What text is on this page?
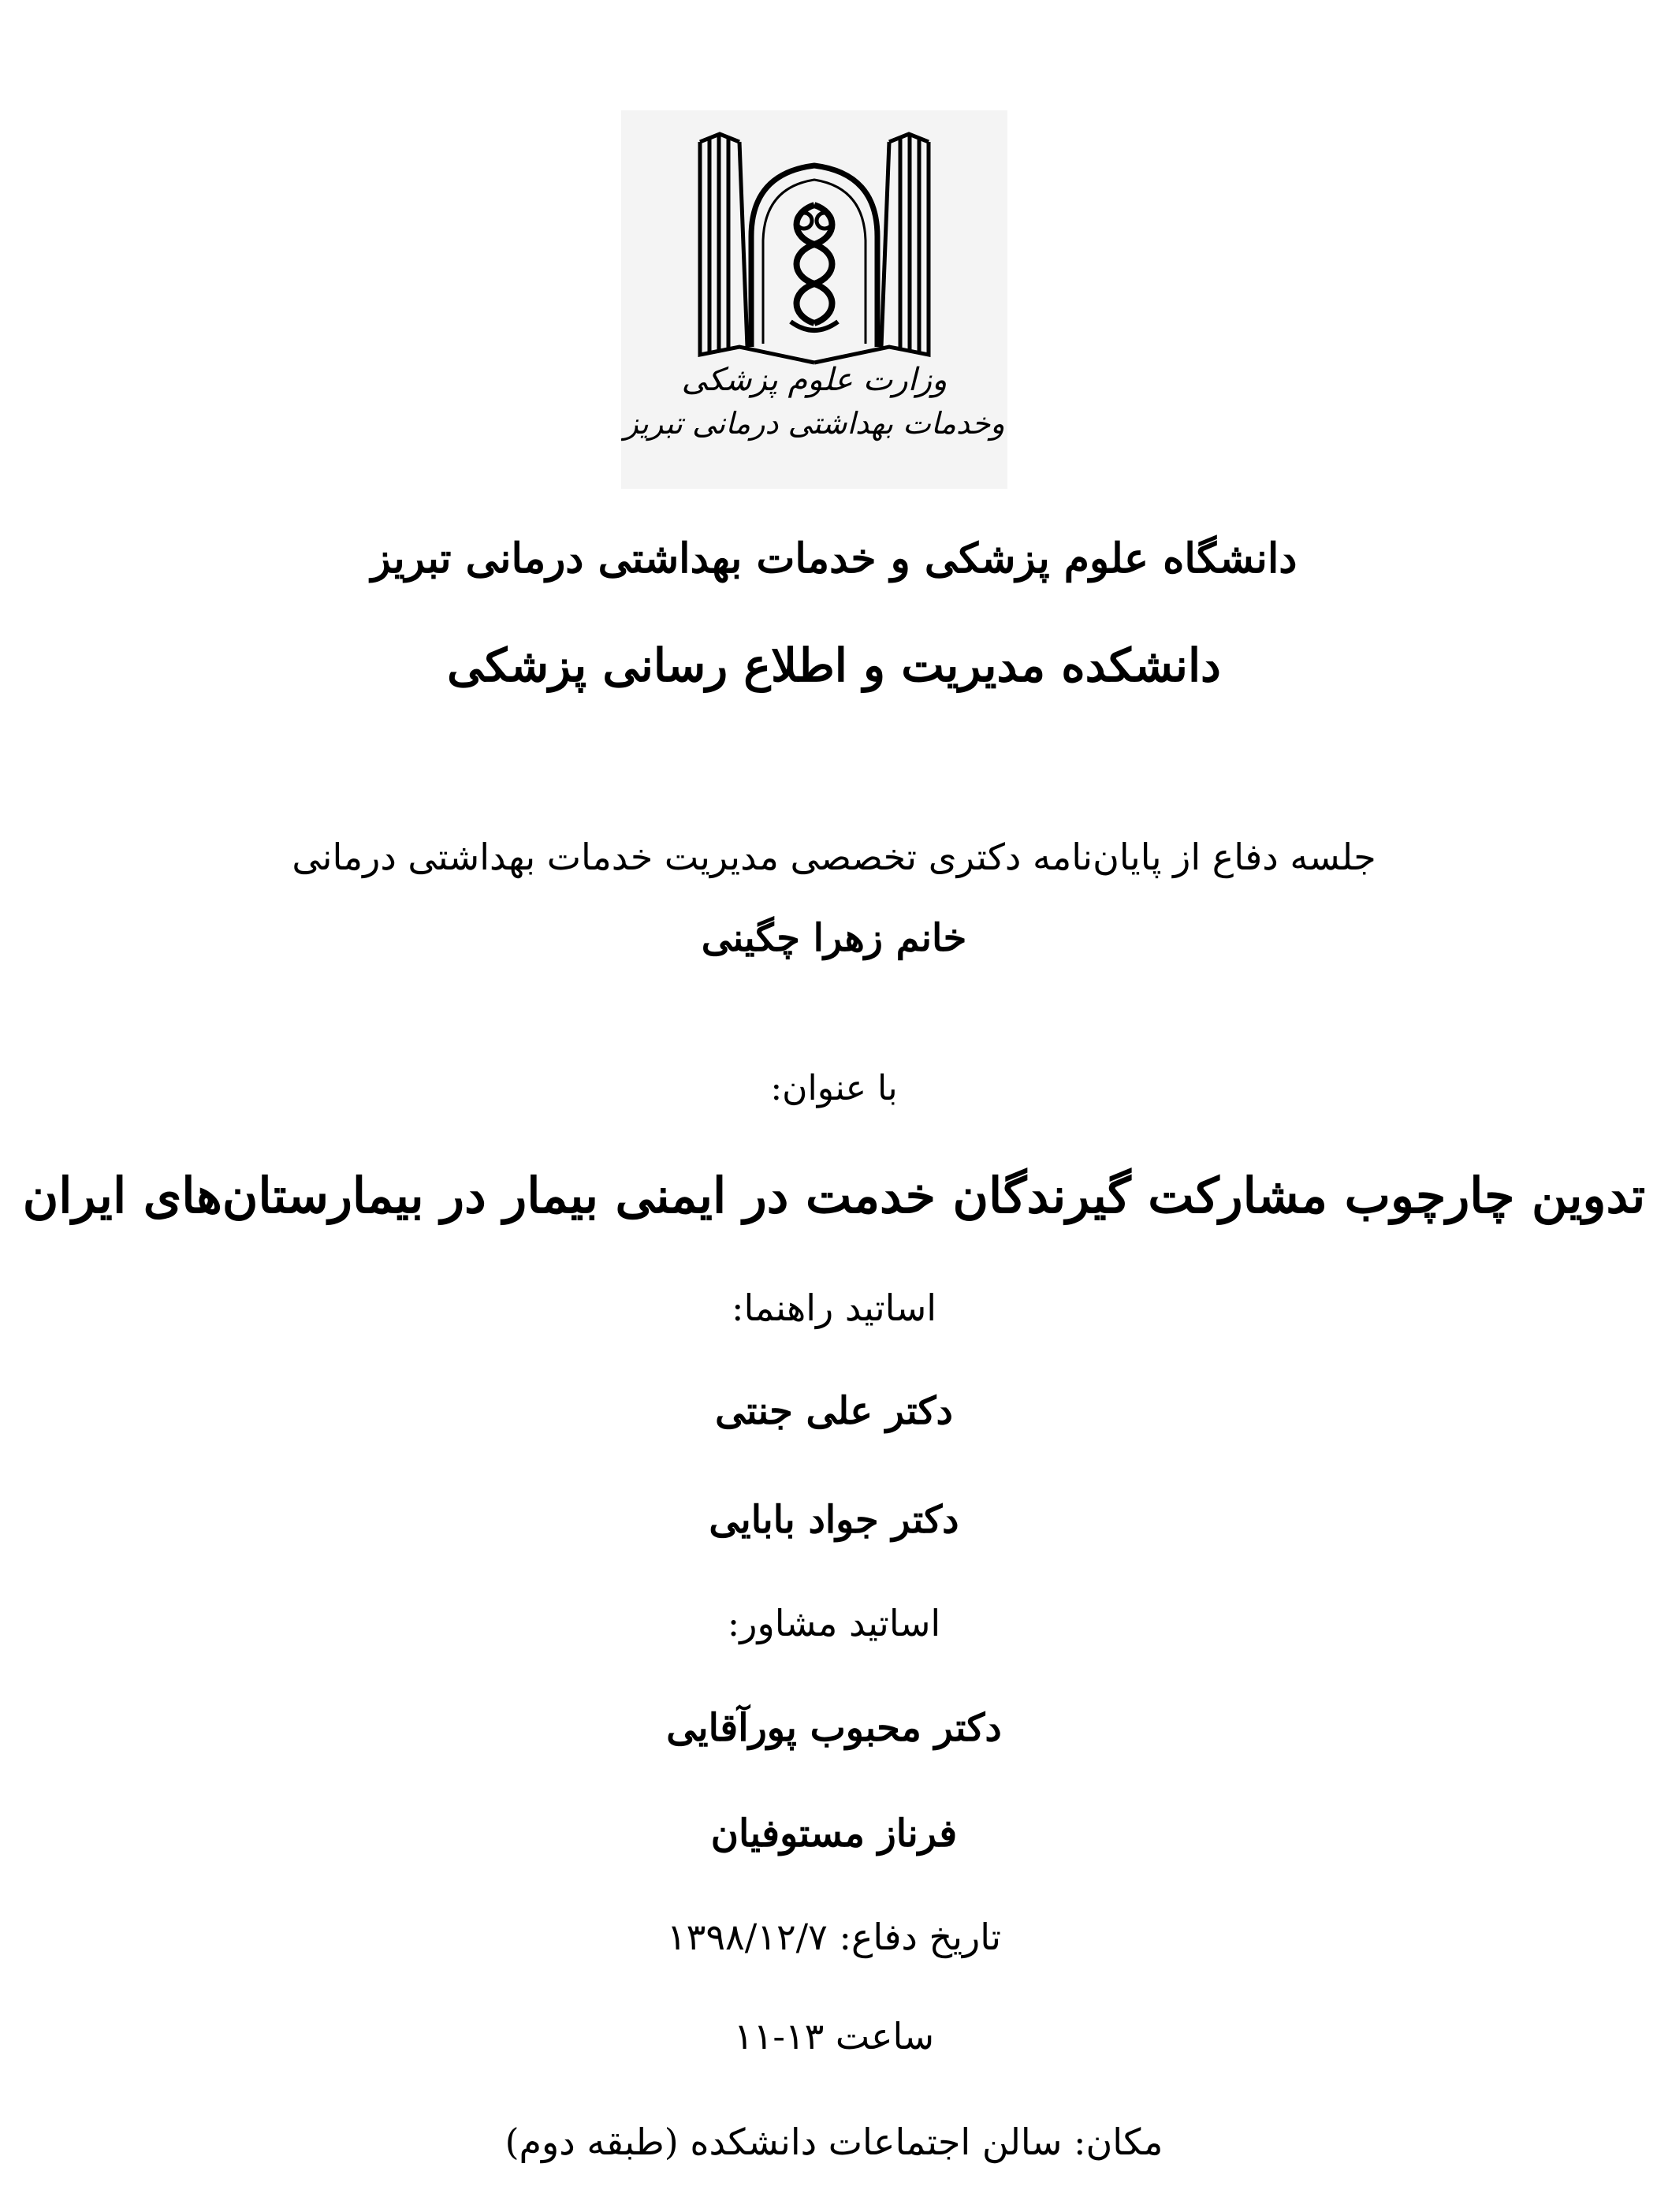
وزارت علوم پزشکی
وخدمات بهداشتی درمانی تبریز
دانشگاه علوم پزشکی و خدمات بهداشتی درمانی تبریز
دانشکده مدیریت و اطلاع رسانی پزشکی
جلسه دفاع از پایان‌نامه دکتری تخصصی مدیریت خدمات بهداشتی درمانی
خانم زهرا چگینی
با عنوان:
تدوین چارچوب مشارکت گیرندگان خدمت در ایمنی بیمار در بیمارستان‌های ایران
اساتید راهنما:
دکتر علی جنتی
دکتر جواد بابایی
اساتید مشاور:
دکتر محبوب پورآقایی
فرناز مستوفیان
تاریخ دفاع: ۱۳۹۸/۱۲/۷
ساعت ۱۳-۱۱
مکان: سالن اجتماعات دانشکده (طبقه دوم)
